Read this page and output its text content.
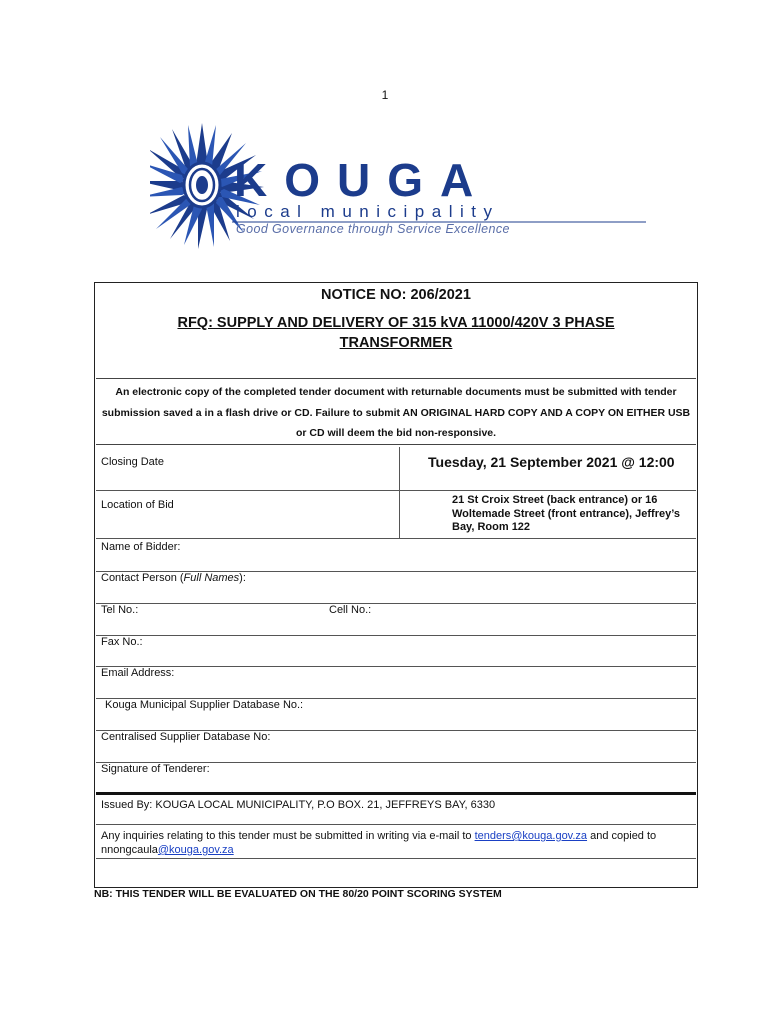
1
KOUGA
local municipality
Good Governance through Service Excellence
NOTICE NO: 206/2021
RFQ: SUPPLY AND DELIVERY OF 315 kVA 11000/420V 3 PHASE TRANSFORMER
An electronic copy of the completed tender document with returnable documents must be submitted with tender submission saved a in a flash drive or CD. Failure to submit AN ORIGINAL HARD COPY AND A COPY ON EITHER USB or CD will deem the bid non-responsive.
Closing Date	Tuesday, 21 September 2021 @ 12:00
Location of Bid	21 St Croix Street (back entrance) or 16 Woltemade Street (front entrance), Jeffrey’s Bay, Room 122
Name of Bidder:
Contact Person (Full Names):
Tel No.:	Cell No.:
Fax No.:
Email Address:
Kouga Municipal Supplier Database No.:
Centralised Supplier Database No:
Signature of Tenderer:
Issued By: KOUGA LOCAL MUNICIPALITY, P.O BOX. 21, JEFFREYS BAY, 6330
Any inquiries relating to this tender must be submitted in writing via e-mail to tenders@kouga.gov.za and copied to nnongcaula@kouga.gov.za
NB: THIS TENDER WILL BE EVALUATED ON THE 80/20 POINT SCORING SYSTEM
